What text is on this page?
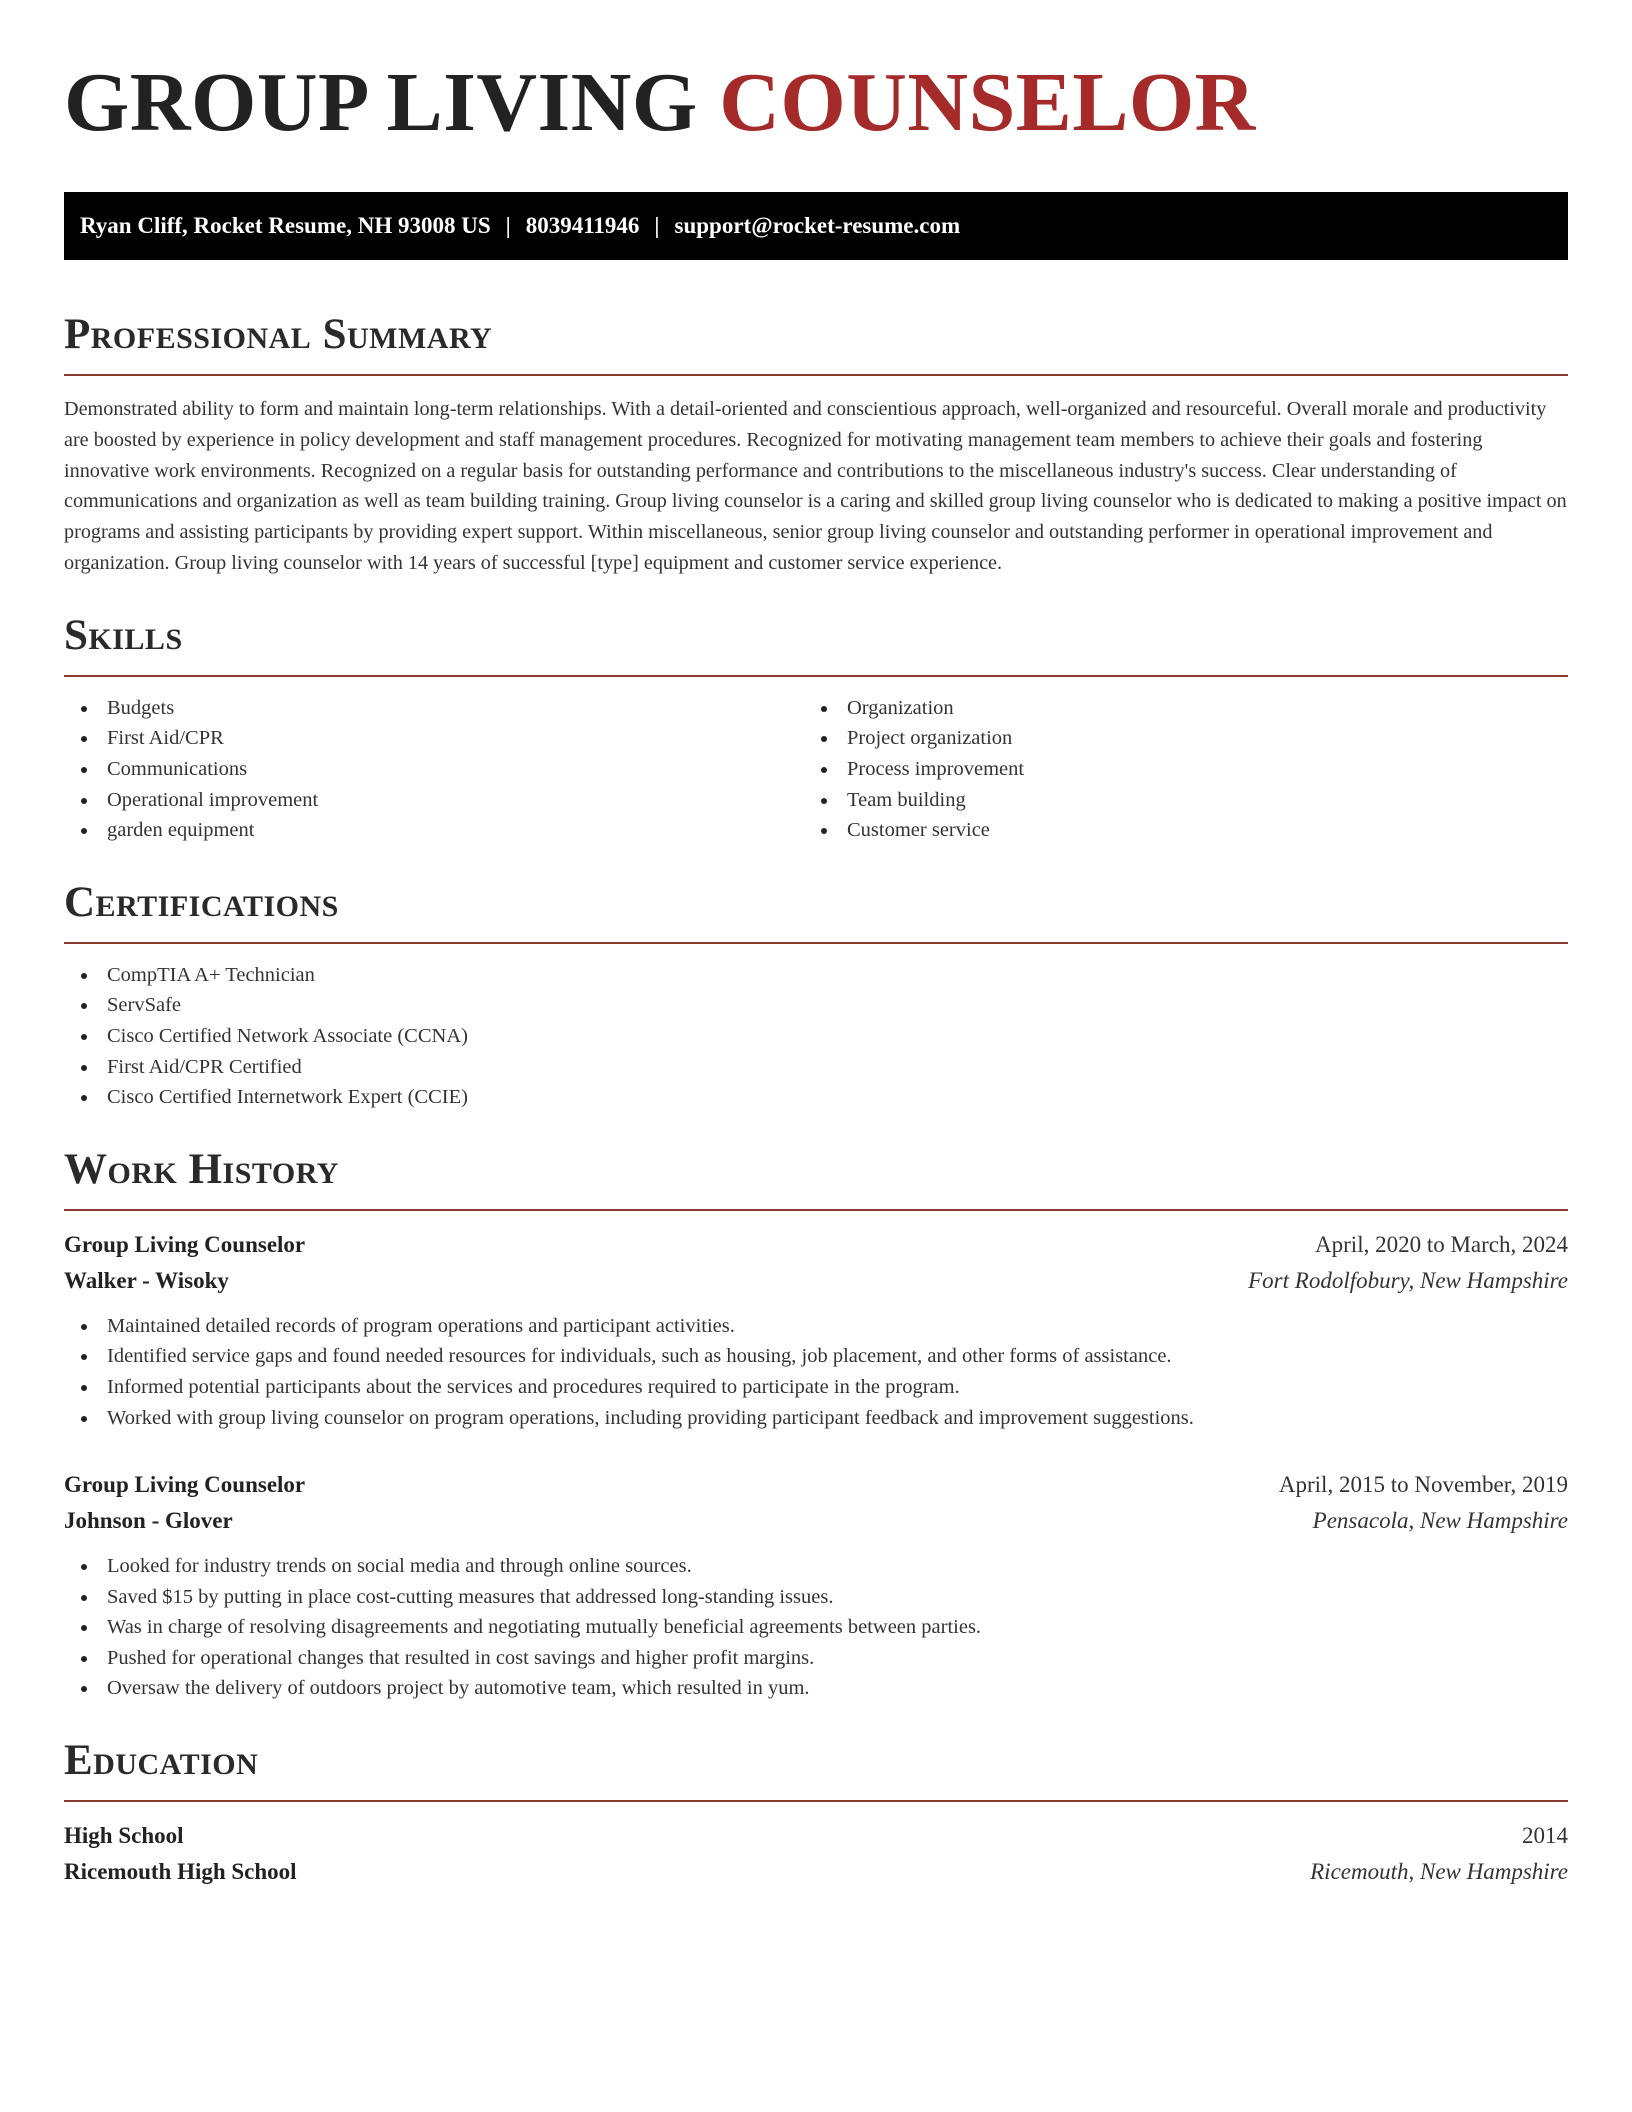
GROUP LIVING COUNSELOR
Ryan Cliff, Rocket Resume, NH 93008 US | 8039411946 | support@rocket-resume.com
Professional Summary

Demonstrated ability to form and maintain long-term relationships. With a detail-oriented and conscientious approach, well-organized and resourceful. Overall morale and productivity are boosted by experience in policy development and staff management procedures. Recognized for motivating management team members to achieve their goals and fostering innovative work environments. Recognized on a regular basis for outstanding performance and contributions to the miscellaneous industry's success. Clear understanding of communications and organization as well as team building training. Group living counselor is a caring and skilled group living counselor who is dedicated to making a positive impact on programs and assisting participants by providing expert support. Within miscellaneous, senior group living counselor and outstanding performer in operational improvement and organization. Group living counselor with 14 years of successful [type] equipment and customer service experience.

Skills
Budgets
First Aid/CPR
Communications
Operational improvement
garden equipment
Organization
Project organization
Process improvement
Team building
Customer service
Certifications
CompTIA A+ Technician
ServSafe
Cisco Certified Network Associate (CCNA)
First Aid/CPR Certified
Cisco Certified Internetwork Expert (CCIE)
Work History
Group Living Counselor	April, 2020 to March, 2024
Walker - Wisoky	Fort Rodolfobury, New Hampshire
Maintained detailed records of program operations and participant activities.
Identified service gaps and found needed resources for individuals, such as housing, job placement, and other forms of assistance.
Informed potential participants about the services and procedures required to participate in the program.
Worked with group living counselor on program operations, including providing participant feedback and improvement suggestions.
Group Living Counselor	April, 2015 to November, 2019
Johnson - Glover	Pensacola, New Hampshire
Looked for industry trends on social media and through online sources.
Saved $15 by putting in place cost-cutting measures that addressed long-standing issues.
Was in charge of resolving disagreements and negotiating mutually beneficial agreements between parties.
Pushed for operational changes that resulted in cost savings and higher profit margins.
Oversaw the delivery of outdoors project by automotive team, which resulted in yum.
Education
High School	2014
Ricemouth High School	Ricemouth, New Hampshire
